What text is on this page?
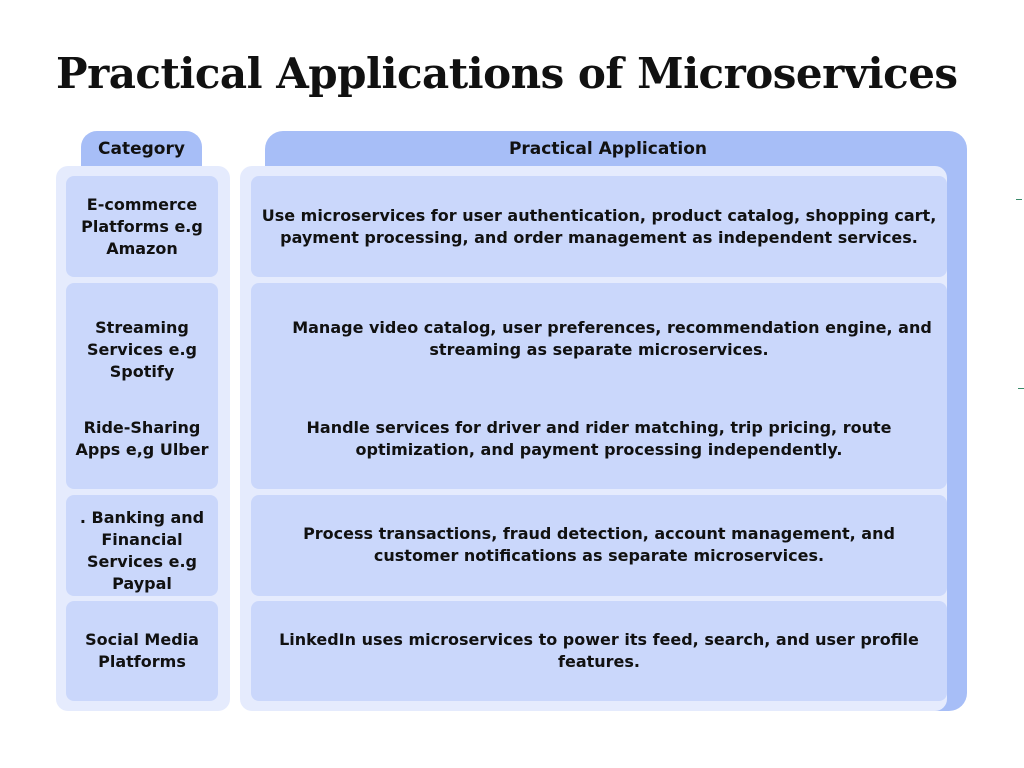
Practical Applications of Microservices
Practical Application
Category
E-commerce
Platforms e.g
Amazon
Use microservices for user authentication, product catalog, shopping cart,
payment processing, and order management as independent services.
Streaming
Services e.g
Spotify
Manage video catalog, user preferences, recommendation engine, and
streaming as separate microservices.
Ride-Sharing
Apps e,g Ulber
Handle services for driver and rider matching, trip pricing, route
optimization, and payment processing independently.
. Banking and
Financial
Services e.g
Paypal
Process transactions, fraud detection, account management, and
customer notifications as separate microservices.
Social Media
Platforms
LinkedIn uses microservices to power its feed, search, and user profile
features.
